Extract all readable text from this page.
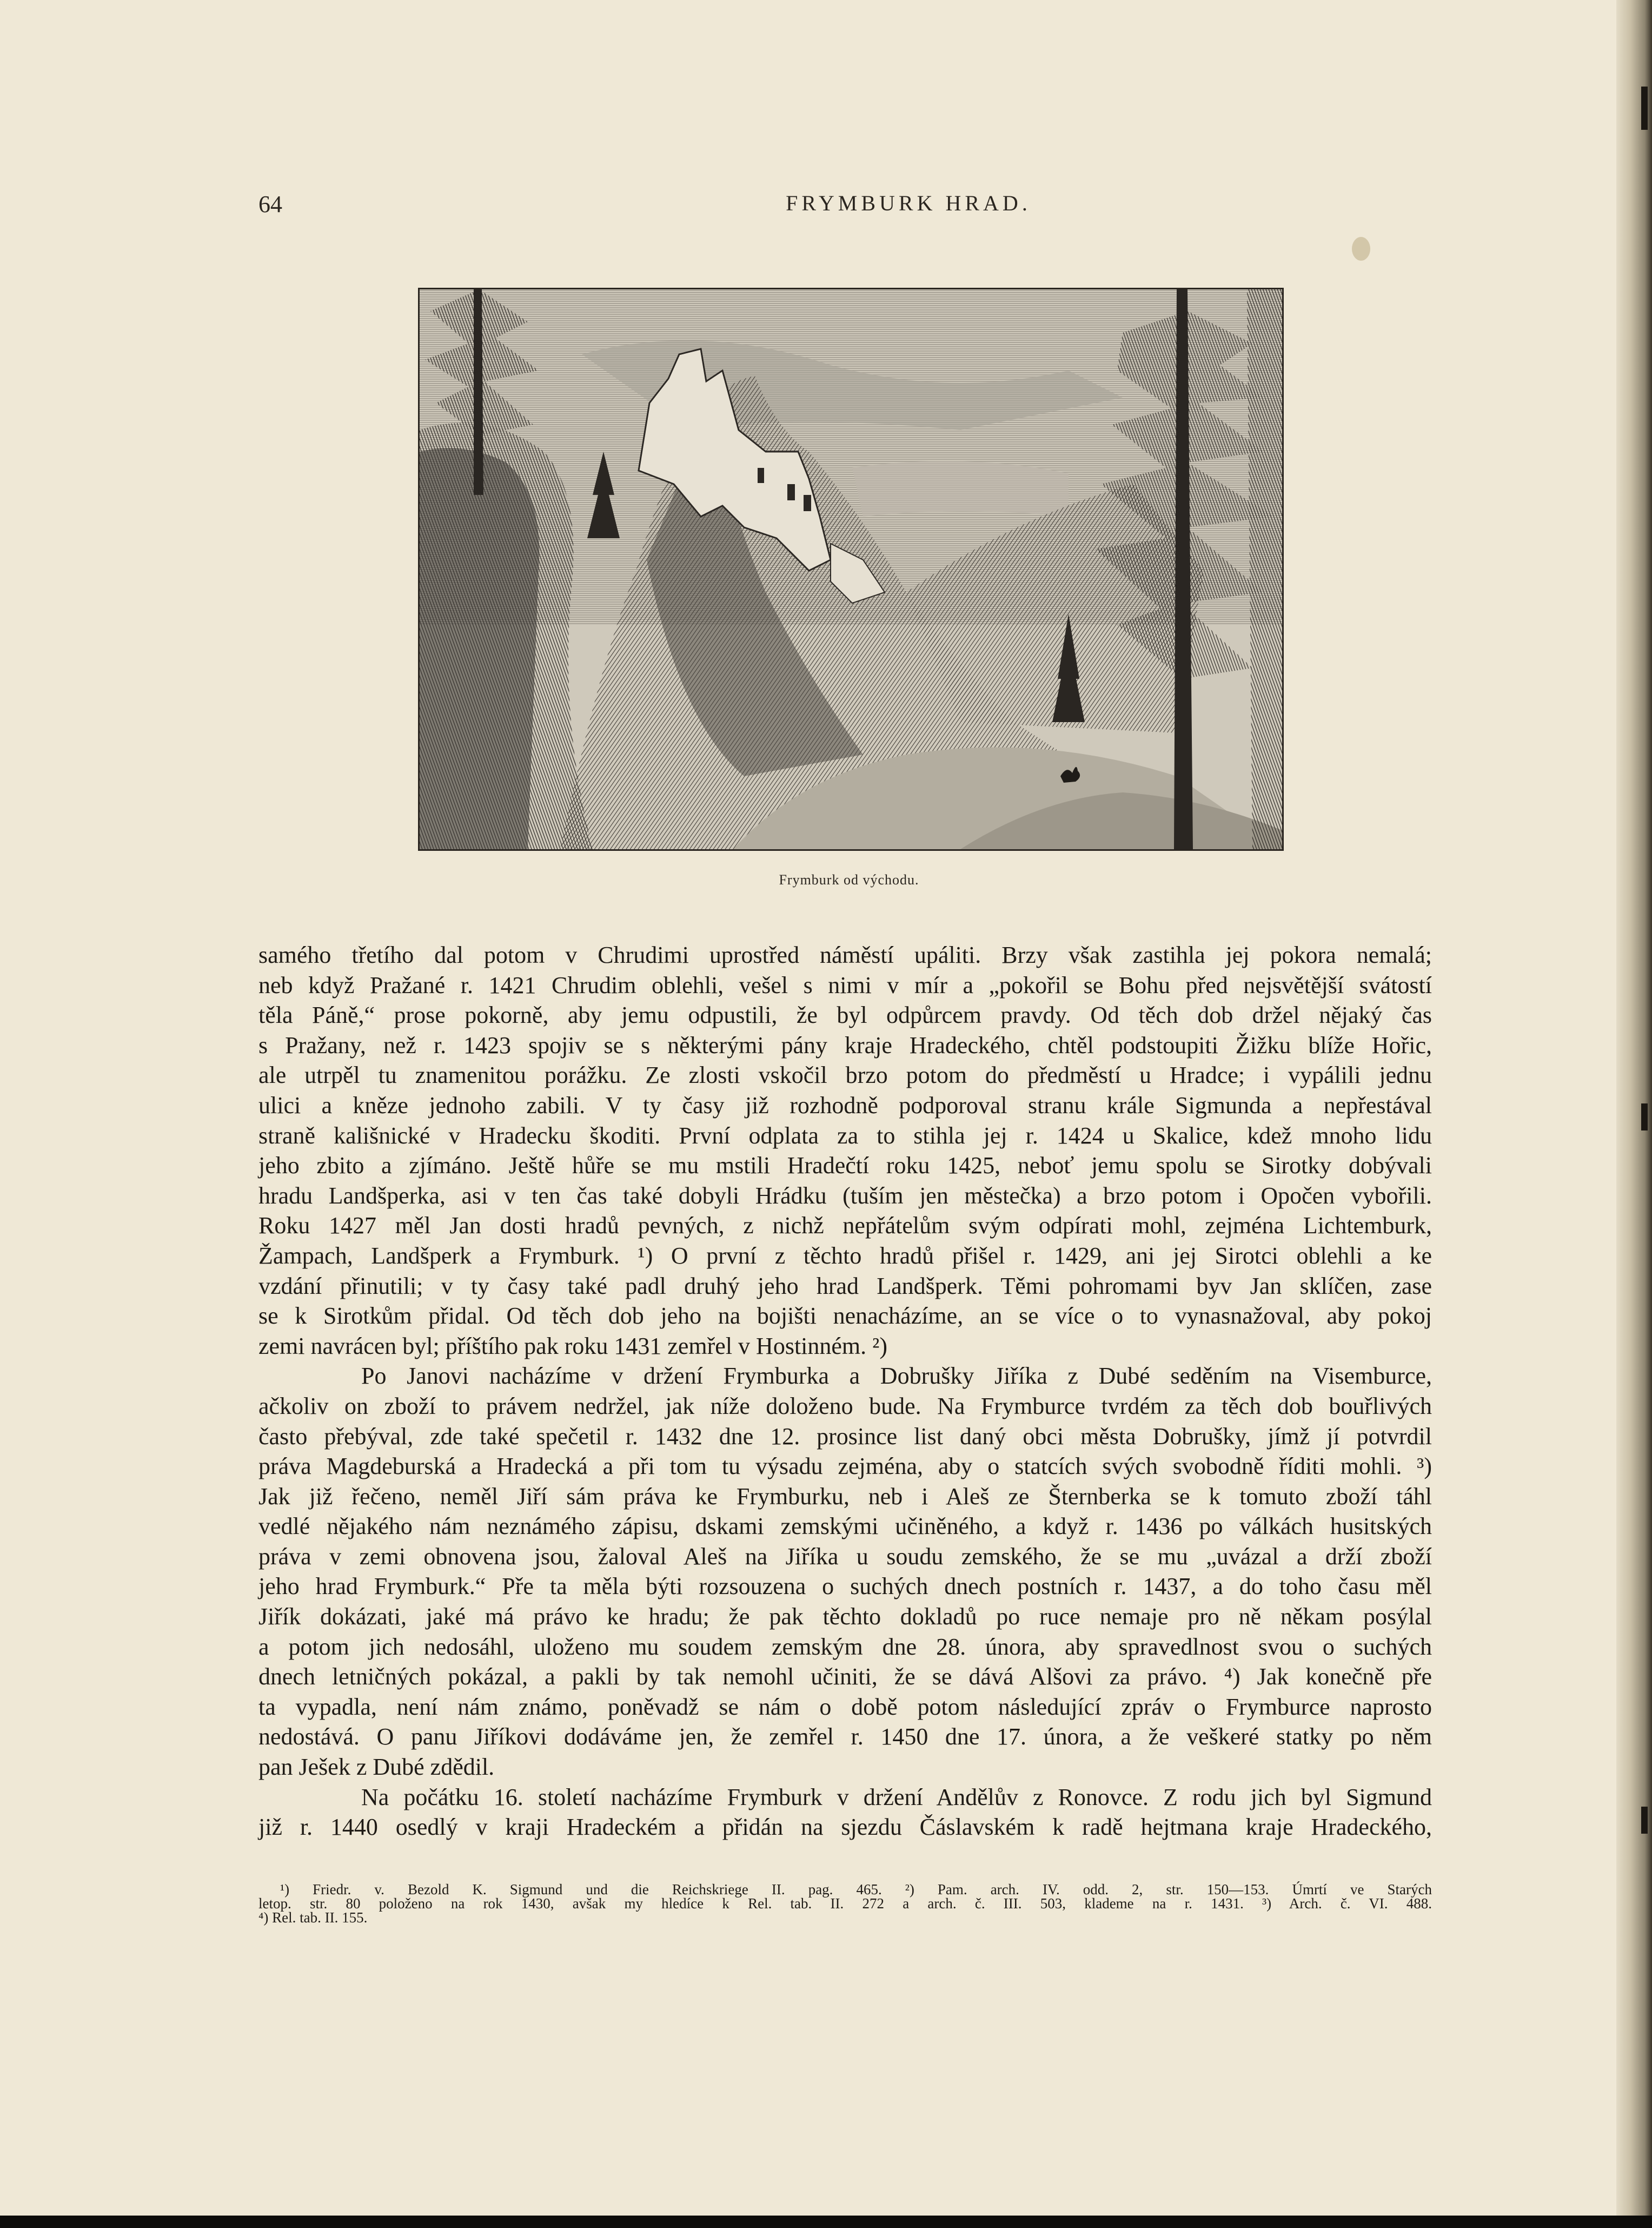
64	FRYMBURK HRAD.
Frymburk od východu.
samého třetího dal potom v Chrudimi uprostřed náměstí upáliti. Brzy však zastihla jej pokora nemalá;
neb když Pražané r. 1421 Chrudim oblehli, vešel s nimi v mír a „pokořil se Bohu před nejsvětější svátostí
těla Páně,“ prose pokorně, aby jemu odpustili, že byl odpůrcem pravdy. Od těch dob držel nějaký čas
s Pražany, než r. 1423 spojiv se s některými pány kraje Hradeckého, chtěl podstoupiti Žižku blíže Hořic,
ale utrpěl tu znamenitou porážku. Ze zlosti vskočil brzo potom do předměstí u Hradce; i vypálili jednu
ulici a kněze jednoho zabili. V ty časy již rozhodně podporoval stranu krále Sigmunda a nepřestával
straně kališnické v Hradecku škoditi. První odplata za to stihla jej r. 1424 u Skalice, kdež mnoho lidu
jeho zbito a zjímáno. Ještě hůře se mu mstili Hradečtí roku 1425, neboť jemu spolu se Sirotky dobývali
hradu Landšperka, asi v ten čas také dobyli Hrádku (tuším jen městečka) a brzo potom i Opočen vybořili.
Roku 1427 měl Jan dosti hradů pevných, z nichž nepřátelům svým odpírati mohl, zejména Lichtemburk,
Žampach, Landšperk a Frymburk. ¹) O první z těchto hradů přišel r. 1429, ani jej Sirotci oblehli a ke
vzdání přinutili; v ty časy také padl druhý jeho hrad Landšperk. Těmi pohromami byv Jan sklíčen, zase
se k Sirotkům přidal. Od těch dob jeho na bojišti nenacházíme, an se více o to vynasnažoval, aby pokoj
zemi navrácen byl; příštího pak roku 1431 zemřel v Hostinném. ²)
Po Janovi nacházíme v držení Frymburka a Dobrušky Jiříka z Dubé seděním na Visemburce,
ačkoliv on zboží to právem nedržel, jak níže doloženo bude. Na Frymburce tvrdém za těch dob bouřlivých
často přebýval, zde také spečetil r. 1432 dne 12. prosince list daný obci města Dobrušky, jímž jí potvrdil
práva Magdeburská a Hradecká a při tom tu výsadu zejména, aby o statcích svých svobodně říditi mohli. ³)
Jak již řečeno, neměl Jiří sám práva ke Frymburku, neb i Aleš ze Šternberka se k tomuto zboží táhl
vedlé nějakého nám neznámého zápisu, dskami zemskými učiněného, a když r. 1436 po válkách husitských
práva v zemi obnovena jsou, žaloval Aleš na Jiříka u soudu zemského, že se mu „uvázal a drží zboží
jeho hrad Frymburk.“ Pře ta měla býti rozsouzena o suchých dnech postních r. 1437, a do toho času měl
Jiřík dokázati, jaké má právo ke hradu; že pak těchto dokladů po ruce nemaje pro ně někam posýlal
a potom jich nedosáhl, uloženo mu soudem zemským dne 28. února, aby spravedlnost svou o suchých
dnech letničných pokázal, a pakli by tak nemohl učiniti, že se dává Alšovi za právo. ⁴) Jak konečně pře
ta vypadla, není nám známo, poněvadž se nám o době potom následující zpráv o Frymburce naprosto
nedostává. O panu Jiříkovi dodáváme jen, že zemřel r. 1450 dne 17. února, a že veškeré statky po něm
pan Ješek z Dubé zdědil.
Na počátku 16. století nacházíme Frymburk v držení Andělův z Ronovce. Z rodu jich byl Sigmund
již r. 1440 osedlý v kraji Hradeckém a přidán na sjezdu Čáslavském k radě hejtmana kraje Hradeckého,
¹) Friedr. v. Bezold K. Sigmund und die Reichskriege II. pag. 465. ²) Pam. arch. IV. odd. 2, str. 150—153. Úmrtí ve Starých
letop. str. 80 položeno na rok 1430, avšak my hledíce k Rel. tab. II. 272 a arch. č. III. 503, klademe na r. 1431. ³) Arch. č. VI. 488.
⁴) Rel. tab. II. 155.
